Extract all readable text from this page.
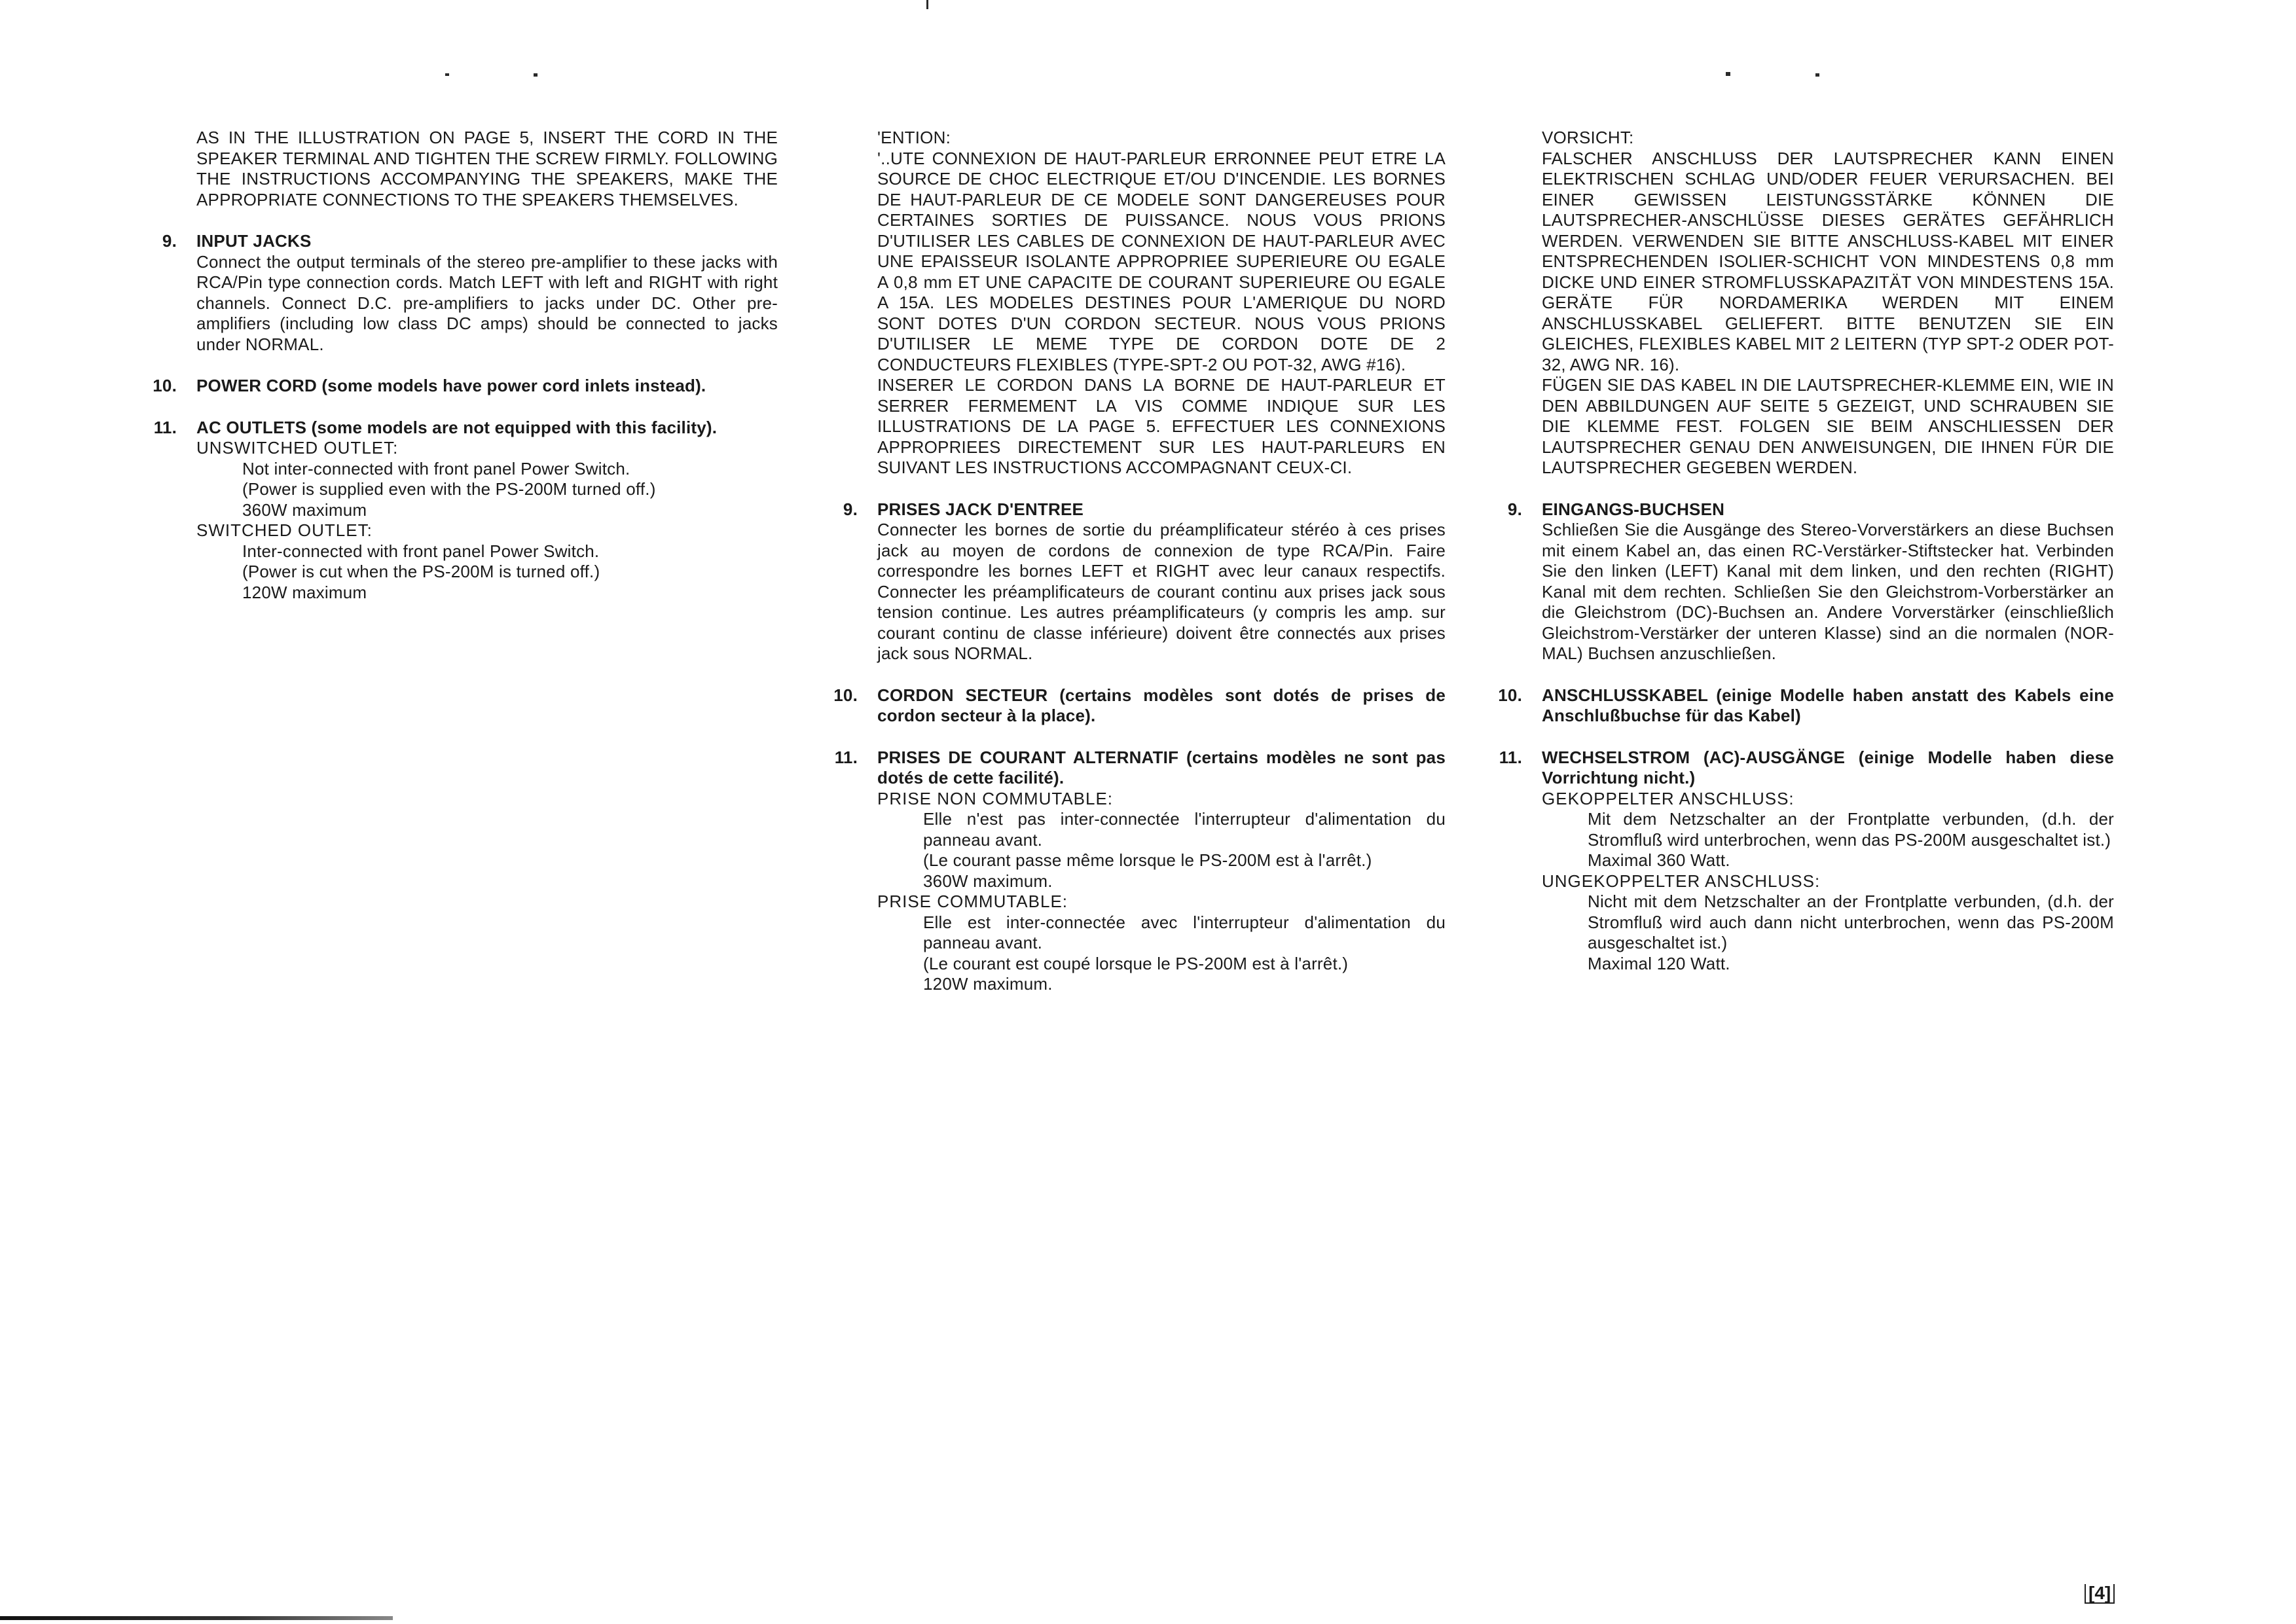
AS IN THE ILLUSTRATION ON PAGE 5, INSERT THE CORD IN THE SPEAKER TERMINAL AND TIGHTEN THE SCREW FIRMLY. FOLLOWING THE INSTRUCTIONS ACCOMPANYING THE SPEAKERS, MAKE THE APPROPRIATE CONNECTIONS TO THE SPEAKERS THEMSELVES.

9. INPUT JACKS

Connect the output terminals of the stereo pre-amplifier to these jacks with RCA/Pin type connection cords. Match LEFT with left and RIGHT with right channels. Connect D.C. pre-amplifiers to jacks under DC. Other pre-amplifiers (including low class DC amps) should be connected to jacks under NORMAL.

10. POWER CORD (some models have power cord inlets instead).

11. AC OUTLETS (some models are not equipped with this facility).

UNSWITCHED OUTLET:

Not inter-connected with front panel Power Switch.
(Power is supplied even with the PS-200M turned off.)
360W maximum

SWITCHED OUTLET:

Inter-connected with front panel Power Switch.
(Power is cut when the PS-200M is turned off.)
120W maximum

'ENTION:
'..UTE CONNEXION DE HAUT-PARLEUR ERRONNEE PEUT ETRE LA SOURCE DE CHOC ELECTRIQUE ET/OU D'INCENDIE. LES BORNES DE HAUT-PARLEUR DE CE MODELE SONT DANGEREUSES POUR CERTAINES SORTIES DE PUISSANCE. NOUS VOUS PRIONS D'UTILISER LES CABLES DE CONNEXION DE HAUT-PARLEUR AVEC UNE EPAISSEUR ISOLANTE APPROPRIEE SUPERIEURE OU EGALE A 0,8 mm ET UNE CAPACITE DE COURANT SUPERIEURE OU EGALE A 15A. LES MODELES DESTINES POUR L'AMERIQUE DU NORD SONT DOTES D'UN CORDON SECTEUR. NOUS VOUS PRIONS D'UTILISER LE MEME TYPE DE CORDON DOTE DE 2 CONDUCTEURS FLEXIBLES (TYPE-SPT-2 OU POT-32, AWG #16).
INSERER LE CORDON DANS LA BORNE DE HAUT-PARLEUR ET SERRER FERMEMENT LA VIS COMME INDIQUE SUR LES ILLUSTRATIONS DE LA PAGE 5. EFFECTUER LES CONNEXIONS APPROPRIEES DIRECTEMENT SUR LES HAUT-PARLEURS EN SUIVANT LES INSTRUCTIONS ACCOMPAGNANT CEUX-CI.

9. PRISES JACK D'ENTREE

Connecter les bornes de sortie du préamplificateur stéréo à ces prises jack au moyen de cordons de connexion de type RCA/Pin. Faire correspondre les bornes LEFT et RIGHT avec leur canaux respectifs. Connecter les préamplificateurs de courant continu aux prises jack sous tension continue. Les autres préamplificateurs (y compris les amp. sur courant continu de classe inférieure) doivent être connectés aux prises jack sous NORMAL.

10. CORDON SECTEUR (certains modèles sont dotés de prises de cordon secteur à la place).

11. PRISES DE COURANT ALTERNATIF (certains modèles ne sont pas dotés de cette facilité).

PRISE NON COMMUTABLE:

Elle n'est pas inter-connectée l'interrupteur d'alimentation du panneau avant.
(Le courant passe même lorsque le PS-200M est à l'arrêt.)
360W maximum.

PRISE COMMUTABLE:

Elle est inter-connectée avec l'interrupteur d'alimentation du panneau avant.
(Le courant est coupé lorsque le PS-200M est à l'arrêt.)
120W maximum.

VORSICHT:
FALSCHER ANSCHLUSS DER LAUTSPRECHER KANN EINEN ELEKTRISCHEN SCHLAG UND/ODER FEUER VERURSACHEN. BEI EINER GEWISSEN LEISTUNGSSTÄRKE KÖNNEN DIE LAUTSPRECHER-ANSCHLÜSSE DIESES GERÄTES GEFÄHRLICH WERDEN. VERWENDEN SIE BITTE ANSCHLUSS-KABEL MIT EINER ENTSPRECHENDEN ISOLIER-SCHICHT VON MINDESTENS 0,8 mm DICKE UND EINER STROMFLUSSKAPAZITÄT VON MINDESTENS 15A. GERÄTE FÜR NORDAMERIKA WERDEN MIT EINEM ANSCHLUSSKABEL GELIEFERT. BITTE BENUTZEN SIE EIN GLEICHES, FLEXIBLES KABEL MIT 2 LEITERN (TYP SPT-2 ODER POT-32, AWG NR. 16).
FÜGEN SIE DAS KABEL IN DIE LAUTSPRECHER-KLEMME EIN, WIE IN DEN ABBILDUNGEN AUF SEITE 5 GEZEIGT, UND SCHRAUBEN SIE DIE KLEMME FEST. FOLGEN SIE BEIM ANSCHLIESSEN DER LAUTSPRECHER GENAU DEN ANWEISUNGEN, DIE IHNEN FÜR DIE LAUTSPRECHER GEGEBEN WERDEN.

9. EINGANGS-BUCHSEN

Schließen Sie die Ausgänge des Stereo-Vorverstärkers an diese Buchsen mit einem Kabel an, das einen RC-Verstärker-Stiftstecker hat. Verbinden Sie den linken (LEFT) Kanal mit dem linken, und den rechten (RIGHT) Kanal mit dem rechten. Schließen Sie den Gleichstrom-Vorberstärker an die Gleichstrom (DC)-Buchsen an. Andere Vorverstärker (einschließlich Gleichstrom-Verstärker der unteren Klasse) sind an die normalen (NOR-MAL) Buchsen anzuschließen.

10. ANSCHLUSSKABEL (einige Modelle haben anstatt des Kabels eine Anschlußbuchse für das Kabel)

11. WECHSELSTROM (AC)-AUSGÄNGE (einige Modelle haben diese Vorrichtung nicht.)

GEKOPPELTER ANSCHLUSS:

Mit dem Netzschalter an der Frontplatte verbunden, (d.h. der Stromfluß wird unterbrochen, wenn das PS-200M ausgeschaltet ist.)
Maximal 360 Watt.

UNGEKOPPELTER ANSCHLUSS:

Nicht mit dem Netzschalter an der Frontplatte verbunden, (d.h. der Stromfluß wird auch dann nicht unterbrochen, wenn das PS-200M ausgeschaltet ist.)
Maximal 120 Watt.

[4]
